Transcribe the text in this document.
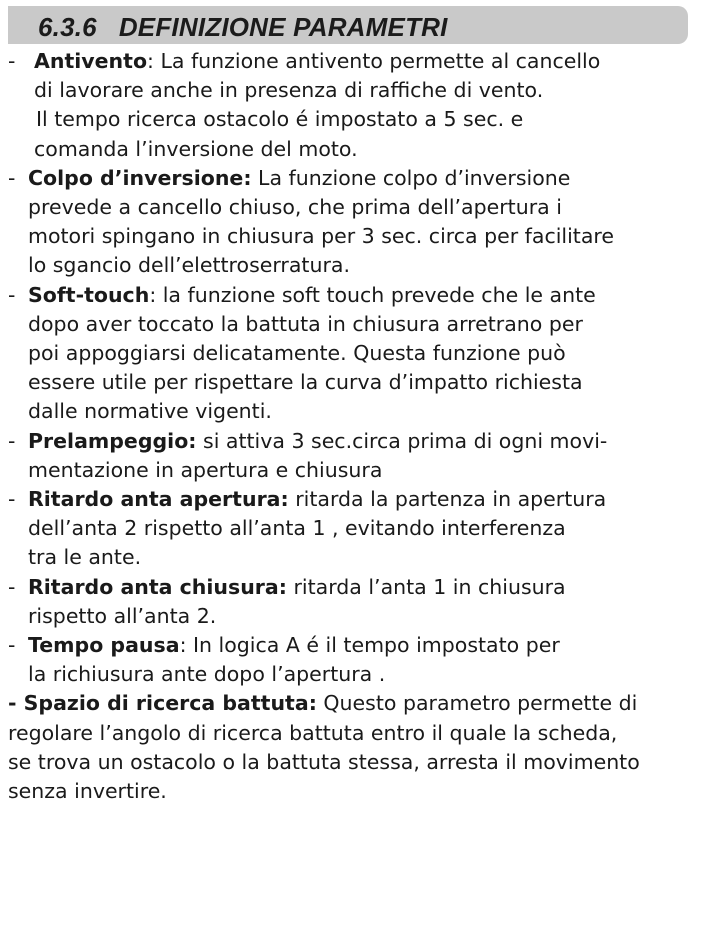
6.3.6 DEFINIZIONE PARAMETRI
- Antivento: La funzione antivento permette al cancello
di lavorare anche in presenza di raffiche di vento.
Il tempo ricerca ostacolo é impostato a 5 sec. e
comanda l’inversione del moto.
- Colpo d’inversione: La funzione colpo d’inversione
prevede a cancello chiuso, che prima dell’apertura i
motori spingano in chiusura per 3 sec. circa per facilitare
lo sgancio dell’elettroserratura.
- Soft-touch: la funzione soft touch prevede che le ante
dopo aver toccato la battuta in chiusura arretrano per
poi appoggiarsi delicatamente. Questa funzione può
essere utile per rispettare la curva d’impatto richiesta
dalle normative vigenti.
- Prelampeggio: si attiva 3 sec.circa prima di ogni movi-
mentazione in apertura e chiusura
- Ritardo anta apertura: ritarda la partenza in apertura
dell’anta 2 rispetto all’anta 1 , evitando interferenza
tra le ante.
- Ritardo anta chiusura: ritarda l’anta 1 in chiusura
rispetto all’anta 2.
- Tempo pausa: In logica A é il tempo impostato per
la richiusura ante dopo l’apertura .
- Spazio di ricerca battuta: Questo parametro permette di
regolare l’angolo di ricerca battuta entro il quale la scheda,
se trova un ostacolo o la battuta stessa, arresta il movimento
senza invertire.
